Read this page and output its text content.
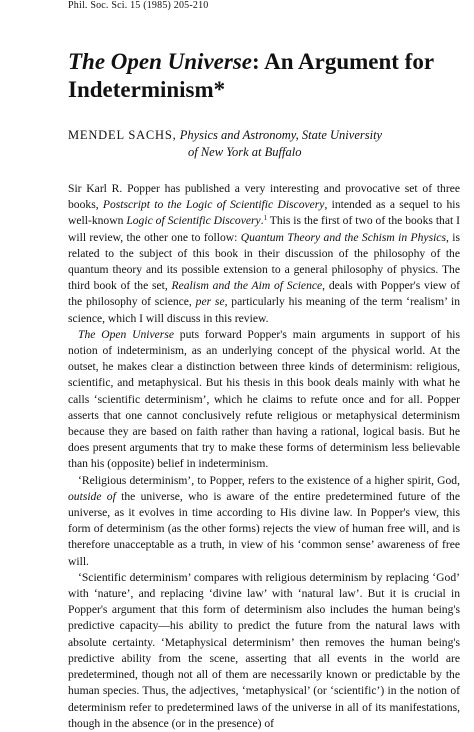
Phil. Soc. Sci. 15 (1985) 205-210
The Open Universe: An Argument for Indeterminism*
MENDEL SACHS, Physics and Astronomy, State University
of New York at Buffalo

Sir Karl R. Popper has published a very interesting and provocative set of three books, Postscript to the Logic of Scientific Discovery, intended as a sequel to his well-known Logic of Scientific Discovery.$^1$ This is the first of two of the books that I will review, the other one to follow: Quantum Theory and the Schism in Physics, is related to the subject of this book in their discussion of the philosophy of the quantum theory and its possible extension to a general philosophy of physics. The third book of the set, Realism and the Aim of Science, deals with Popper's view of the philosophy of science, per se, particularly his meaning of the term ‘realism’ in science, which I will discuss in this review.

The Open Universe puts forward Popper's main arguments in support of his notion of indeterminism, as an underlying concept of the physical world. At the outset, he makes clear a distinction between three kinds of determinism: religious, scientific, and metaphysical. But his thesis in this book deals mainly with what he calls ‘scientific determinism’, which he claims to refute once and for all. Popper asserts that one cannot conclusively refute religious or metaphysical determinism because they are based on faith rather than having a rational, logical basis. But he does present arguments that try to make these forms of determinism less believable than his (opposite) belief in indeterminism.

‘Religious determinism’, to Popper, refers to the existence of a higher spirit, God, outside of the universe, who is aware of the entire predetermined future of the universe, as it evolves in time according to His divine law. In Popper's view, this form of determinism (as the other forms) rejects the view of human free will, and is therefore unacceptable as a truth, in view of his ‘common sense’ awareness of free will.

‘Scientific determinism’ compares with religious determinism by replacing ‘God’ with ‘nature’, and replacing ‘divine law’ with ‘natural law’. But it is crucial in Popper's argument that this form of determinism also includes the human being's predictive capacity—his ability to predict the future from the natural laws with absolute certainty. ‘Metaphysical determinism’ then removes the human being's predictive ability from the scene, asserting that all events in the world are predetermined, though not all of them are necessarily known or predictable by the human species. Thus, the adjectives, ‘metaphysical’ (or ‘scientific’) in the notion of determinism refer to predetermined laws of the universe in all of its manifestations, though in the absence (or in the presence) of
